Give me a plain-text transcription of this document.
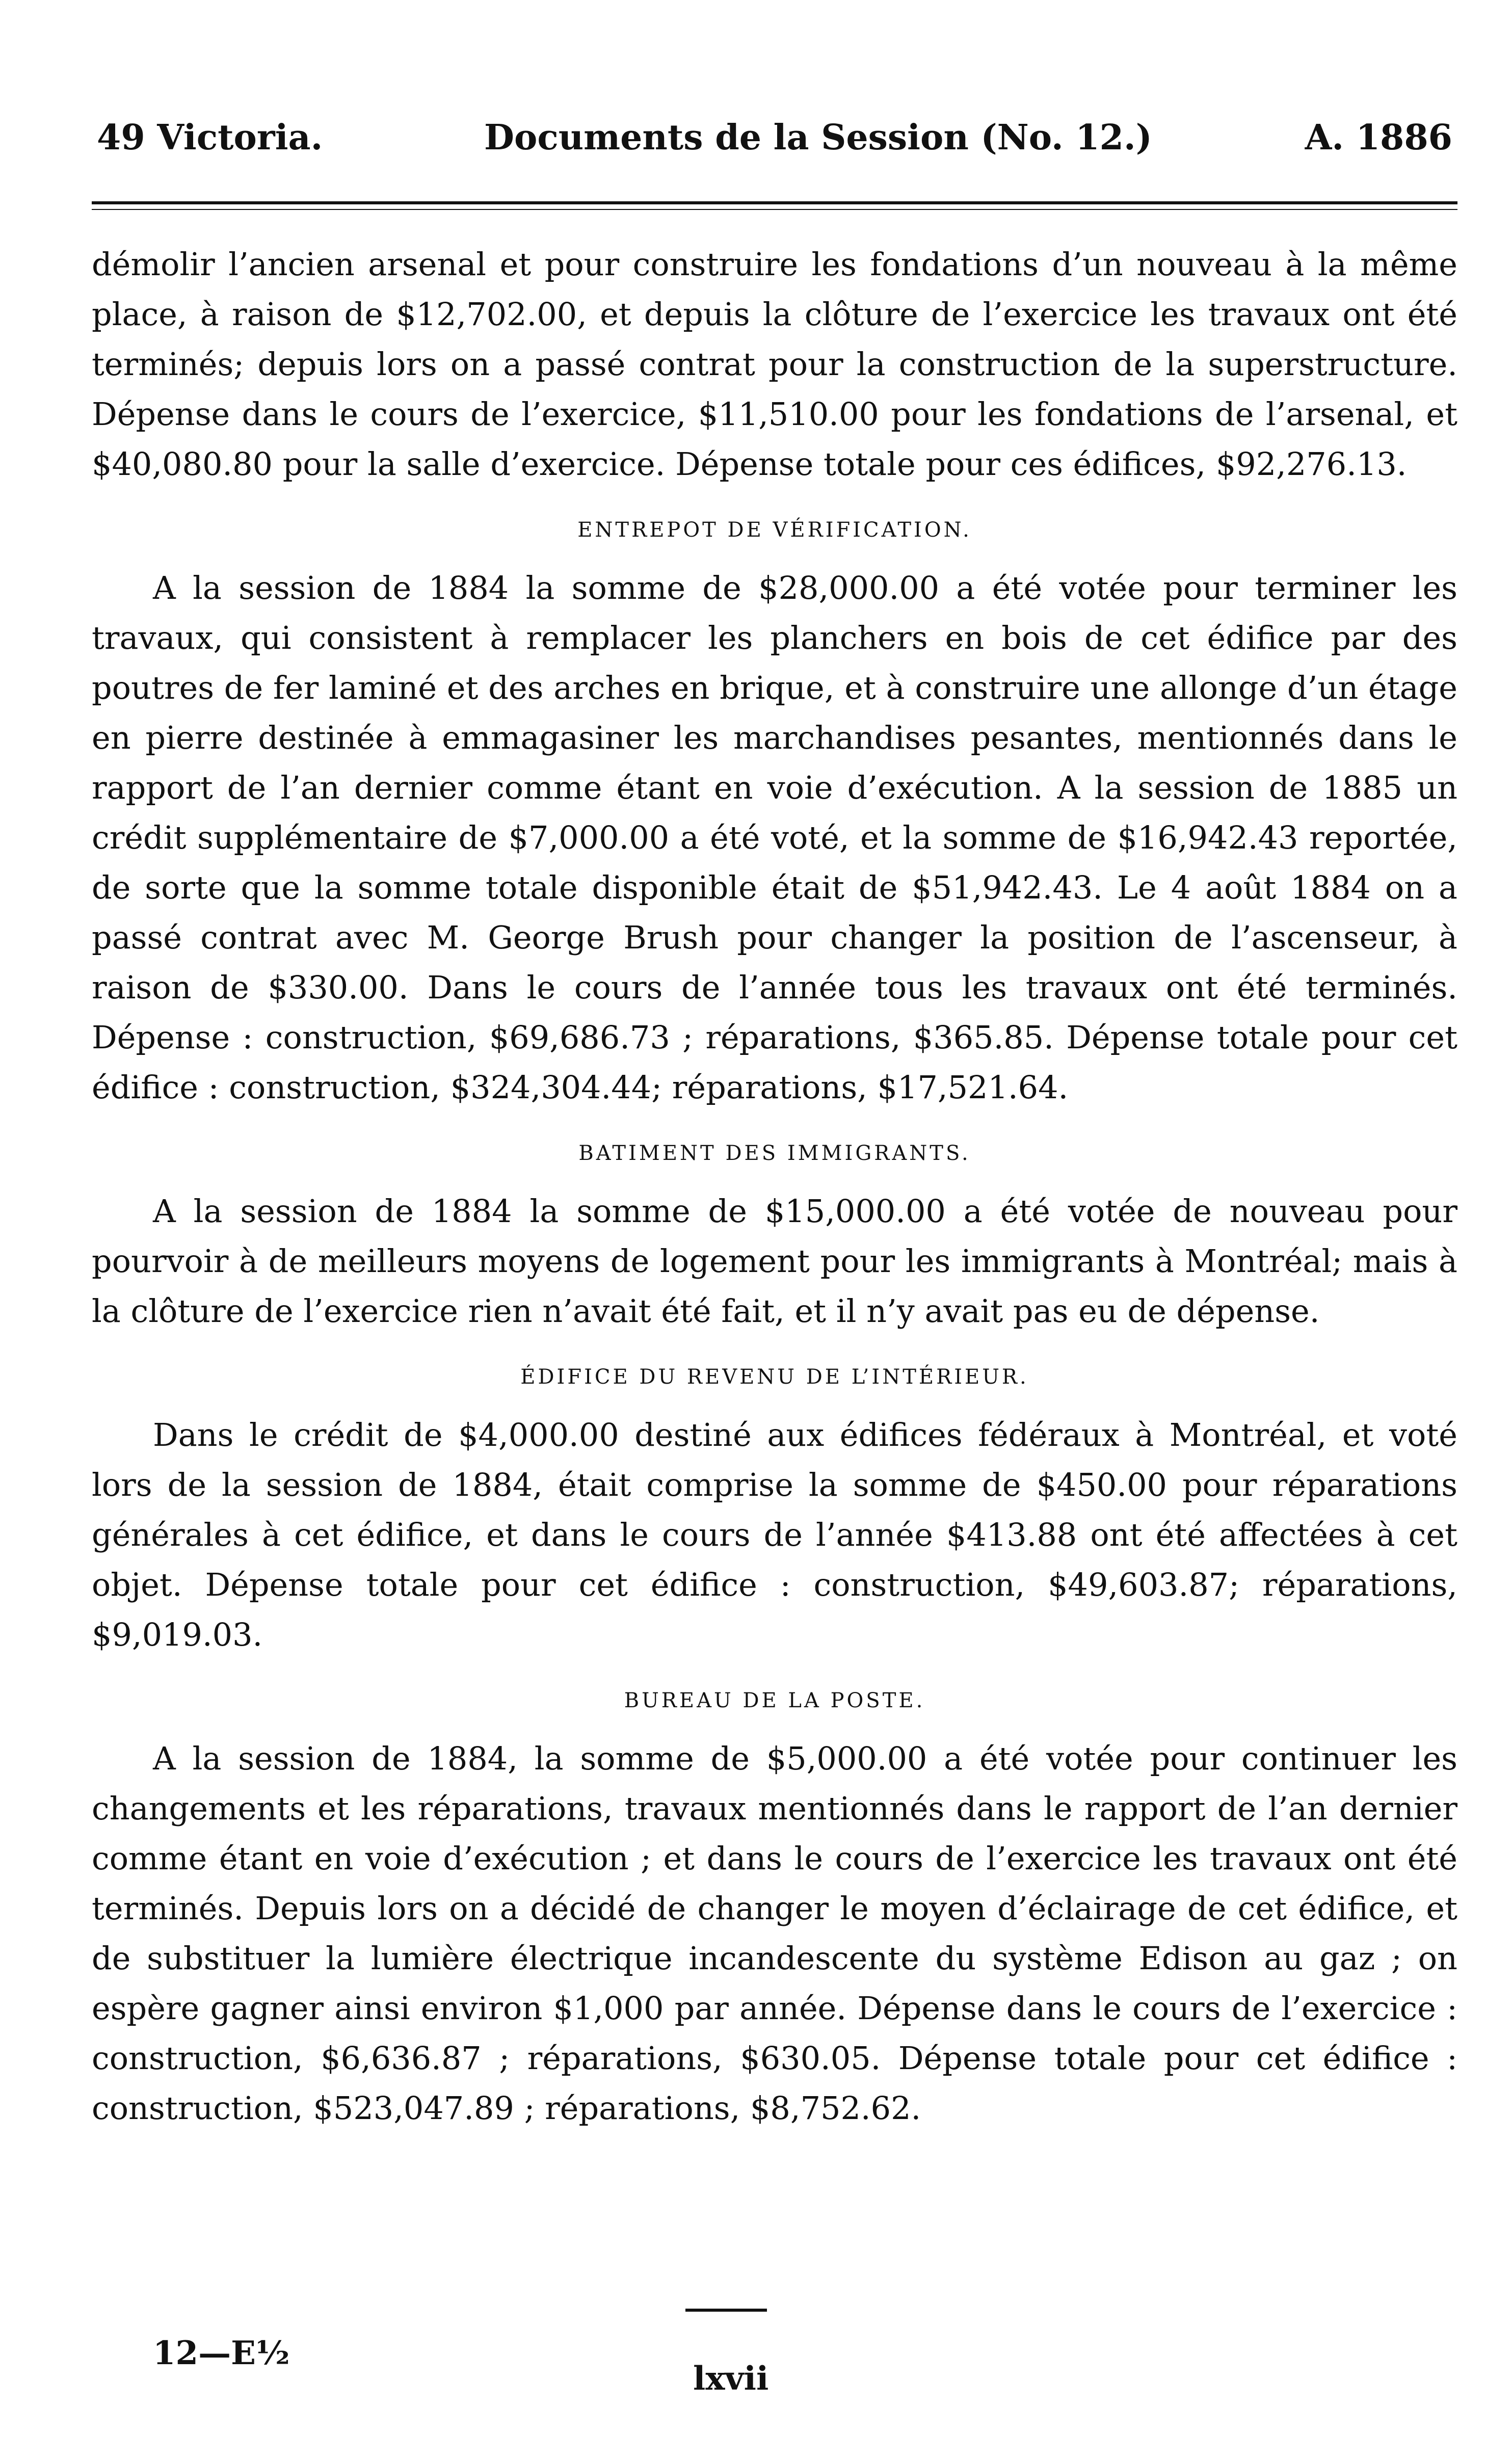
49 Victoria.	Documents de la Session (No. 12.)	A. 1886

démolir l’ancien arsenal et pour construire les fondations d’un nouveau à la même place, à raison de $12,702.00, et depuis la clôture de l’exercice les travaux ont été terminés; depuis lors on a passé contrat pour la construction de la superstructure. Dépense dans le cours de l’exercice, $11,510.00 pour les fondations de l’arsenal, et $40,080.80 pour la salle d’exercice. Dépense totale pour ces édifices, $92,276.13.

ENTREPOT DE VÉRIFICATION.

A la session de 1884 la somme de $28,000.00 a été votée pour terminer les travaux, qui consistent à remplacer les planchers en bois de cet édifice par des poutres de fer laminé et des arches en brique, et à construire une allonge d’un étage en pierre destinée à emmagasiner les marchandises pesantes, mentionnés dans le rapport de l’an dernier comme étant en voie d’exécution. A la session de 1885 un crédit supplémentaire de $7,000.00 a été voté, et la somme de $16,942.43 reportée, de sorte que la somme totale disponible était de $51,942.43. Le 4 août 1884 on a passé contrat avec M. George Brush pour changer la position de l’ascenseur, à raison de $330.00. Dans le cours de l’année tous les travaux ont été terminés. Dépense : construction, $69,686.73 ; réparations, $365.85. Dépense totale pour cet édifice : construction, $324,304.44; réparations, $17,521.64.

BATIMENT DES IMMIGRANTS.

A la session de 1884 la somme de $15,000.00 a été votée de nouveau pour pourvoir à de meilleurs moyens de logement pour les immigrants à Montréal; mais à la clôture de l’exercice rien n’avait été fait, et il n’y avait pas eu de dépense.

ÉDIFICE DU REVENU DE L’INTÉRIEUR.

Dans le crédit de $4,000.00 destiné aux édifices fédéraux à Montréal, et voté lors de la session de 1884, était comprise la somme de $450.00 pour réparations générales à cet édifice, et dans le cours de l’année $413.88 ont été affectées à cet objet. Dépense totale pour cet édifice : construction, $49,603.87; réparations, $9,019.03.

BUREAU DE LA POSTE.

A la session de 1884, la somme de $5,000.00 a été votée pour continuer les changements et les réparations, travaux mentionnés dans le rapport de l’an dernier comme étant en voie d’exécution ; et dans le cours de l’exercice les travaux ont été terminés. Depuis lors on a décidé de changer le moyen d’éclairage de cet édifice, et de substituer la lumière électrique incandescente du système Edison au gaz ; on espère gagner ainsi environ $1,000 par année. Dépense dans le cours de l’exercice : construction, $6,636.87 ; réparations, $630.05. Dépense totale pour cet édifice : construction, $523,047.89 ; réparations, $8,752.62.

12—E½
lxvii
